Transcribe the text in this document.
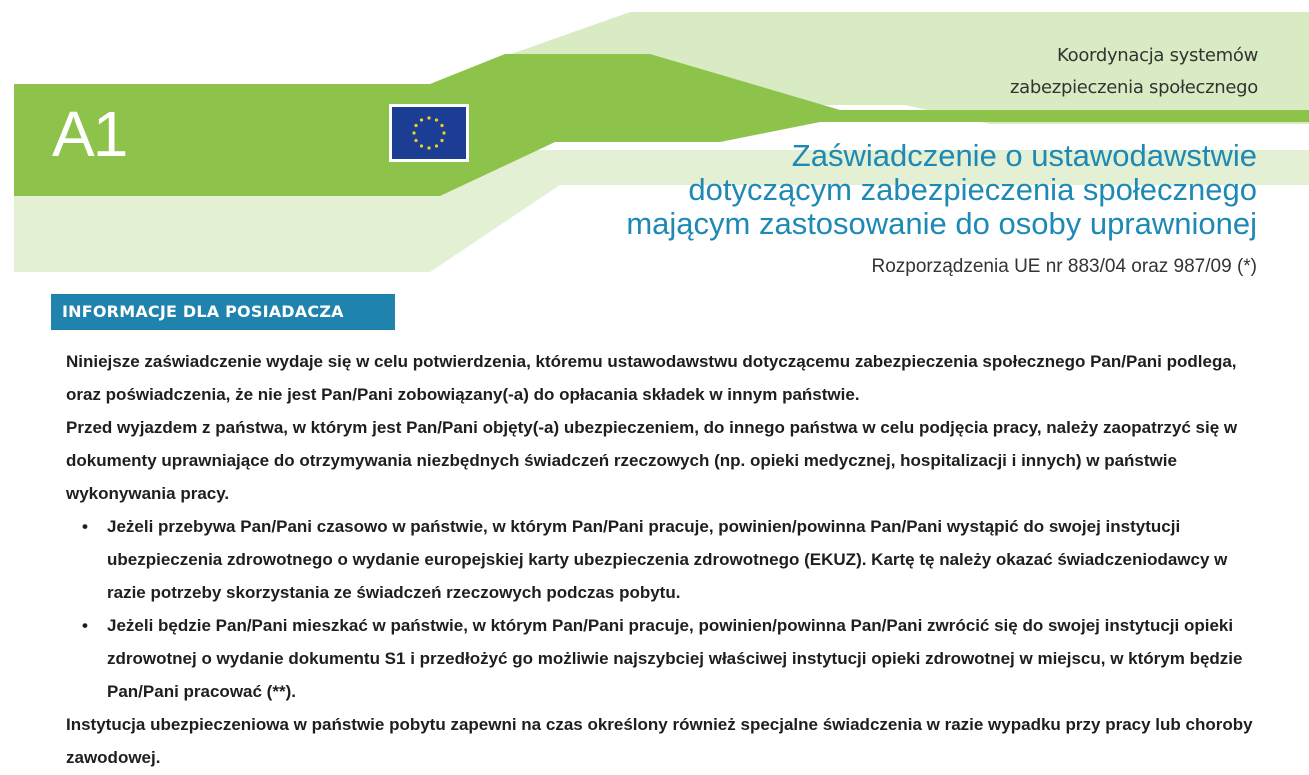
A1
Koordynacja systemów
zabezpieczenia społecznego
Zaświadczenie o ustawodawstwie
dotyczącym zabezpieczenia społecznego
mającym zastosowanie do osoby uprawnionej
Rozporządzenia UE nr 883/04 oraz 987/09 (*)
INFORMACJE DLA POSIADACZA

Niniejsze zaświadczenie wydaje się w celu potwierdzenia, któremu ustawodawstwu dotyczącemu zabezpieczenia społecznego Pan/Pani podlega, oraz poświadczenia, że nie jest Pan/Pani zobowiązany(-a) do opłacania składek w innym państwie.

Przed wyjazdem z państwa, w którym jest Pan/Pani objęty(-a) ubezpieczeniem, do innego państwa w celu podjęcia pracy, należy zaopatrzyć się w dokumenty uprawniające do otrzymywania niezbędnych świadczeń rzeczowych (np. opieki medycznej, hospitalizacji i innych) w państwie wykonywania pracy.

• Jeżeli przebywa Pan/Pani czasowo w państwie, w którym Pan/Pani pracuje, powinien/powinna Pan/Pani wystąpić do swojej instytucji ubezpieczenia zdrowotnego o wydanie europejskiej karty ubezpieczenia zdrowotnego (EKUZ). Kartę tę należy okazać świadczeniodawcy w razie potrzeby skorzystania ze świadczeń rzeczowych podczas pobytu.
• Jeżeli będzie Pan/Pani mieszkać w państwie, w którym Pan/Pani pracuje, powinien/powinna Pan/Pani zwrócić się do swojej instytucji opieki zdrowotnej o wydanie dokumentu S1 i przedłożyć go możliwie najszybciej właściwej instytucji opieki zdrowotnej w miejscu, w którym będzie Pan/Pani pracować (**).

Instytucja ubezpieczeniowa w państwie pobytu zapewni na czas określony również specjalne świadczenia w razie wypadku przy pracy lub choroby zawodowej.
